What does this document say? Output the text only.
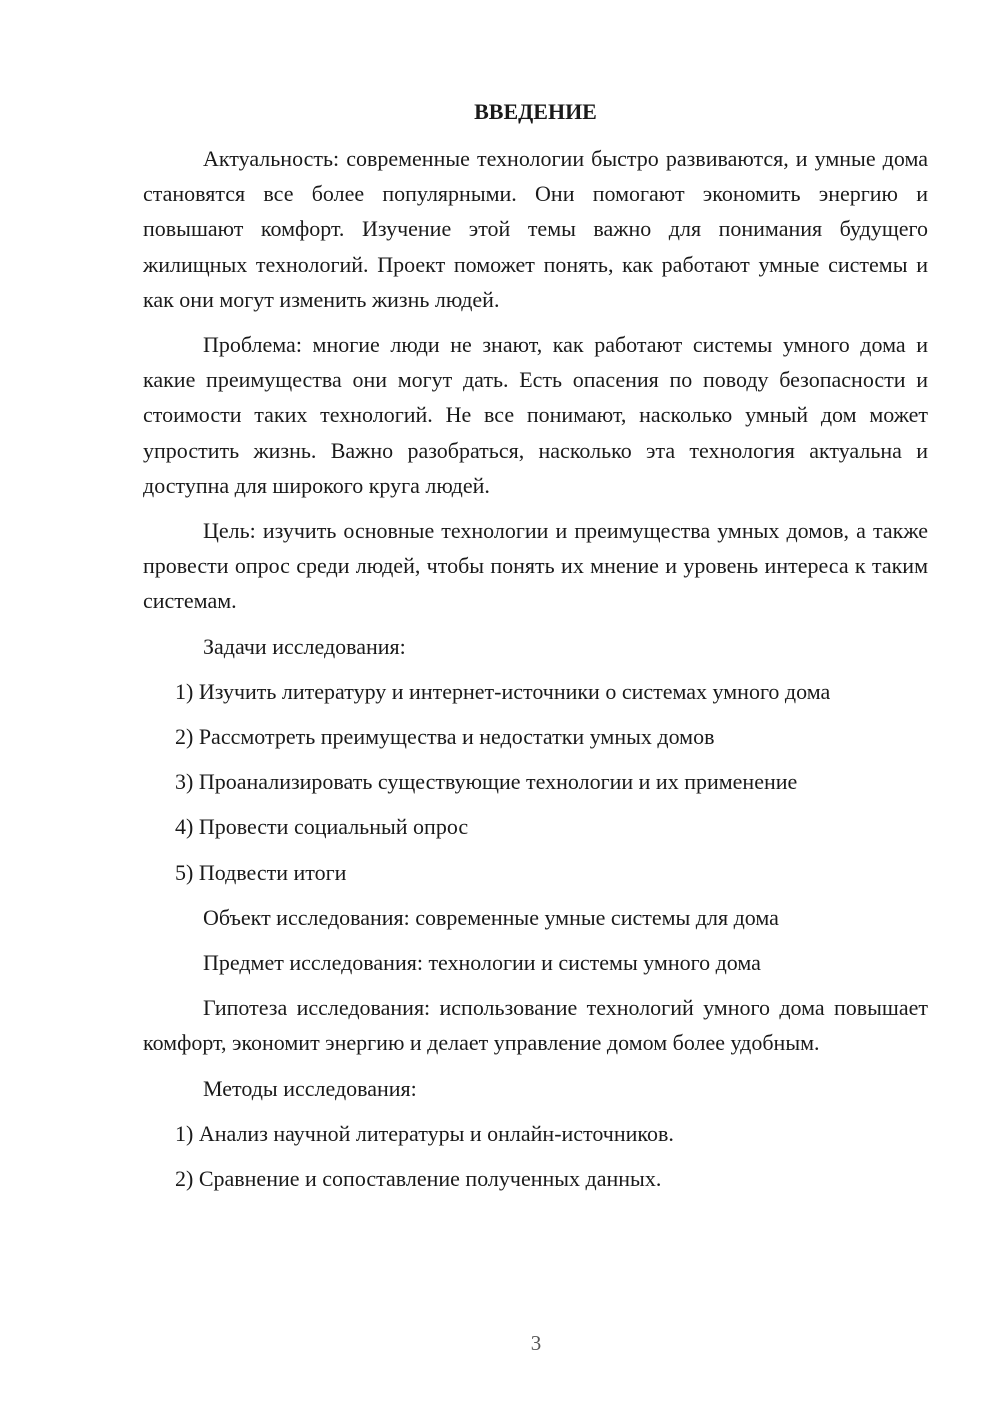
ВВЕДЕНИЕ

Актуальность: современные технологии быстро развиваются, и умные дома становятся все более популярными. Они помогают экономить энергию и повышают комфорт. Изучение этой темы важно для понимания будущего жилищных технологий. Проект поможет понять, как работают умные системы и как они могут изменить жизнь людей.

Проблема: многие люди не знают, как работают системы умного дома и какие преимущества они могут дать. Есть опасения по поводу безопасности и стоимости таких технологий. Не все понимают, насколько умный дом может упростить жизнь. Важно разобраться, насколько эта технология актуальна и доступна для широкого круга людей.

Цель: изучить основные технологии и преимущества умных домов, а также провести опрос среди людей, чтобы понять их мнение и уровень интереса к таким системам.

Задачи исследования:
1) Изучить литературу и интернет-источники о системах умного дома
2) Рассмотреть преимущества и недостатки умных домов
3) Проанализировать существующие технологии и их применение
4) Провести социальный опрос
5) Подвести итоги
Объект исследования: современные умные системы для дома
Предмет исследования: технологии и системы умного дома

Гипотеза исследования: использование технологий умного дома повышает комфорт, экономит энергию и делает управление домом более удобным.

Методы исследования:
1) Анализ научной литературы и онлайн-источников.
2) Сравнение и сопоставление полученных данных.
3
